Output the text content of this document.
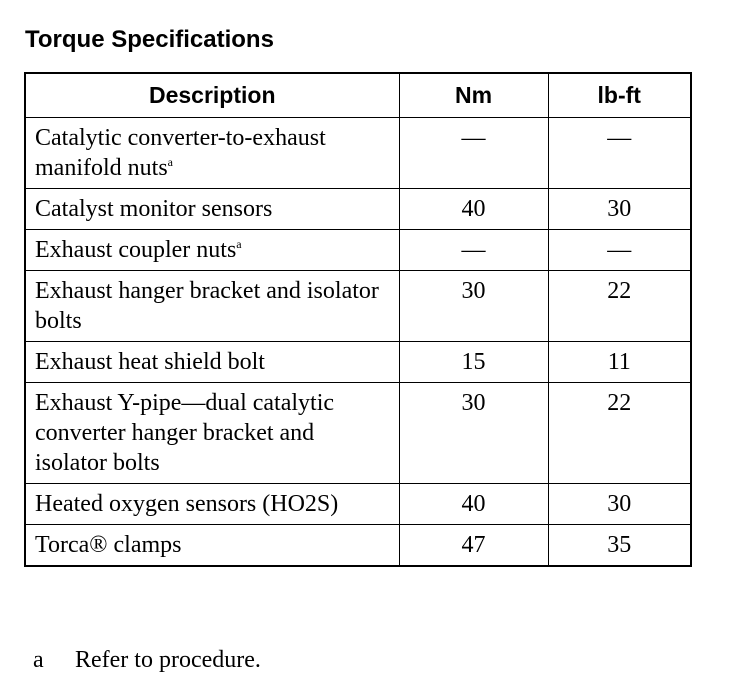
Torque Specifications
Description	Nm	lb-ft
Catalytic converter-to-exhaust manifold nuts$^a$	—	—
Catalyst monitor sensors	40	30
Exhaust coupler nuts$^a$	—	—
Exhaust hanger bracket and isolator bolts	30	22
Exhaust heat shield bolt	15	11
Exhaust Y-pipe—dual catalytic converter hanger bracket and isolator bolts	30	22
Heated oxygen sensors (HO2S)	40	30
Torca® clamps	47	35

a Refer to procedure.
